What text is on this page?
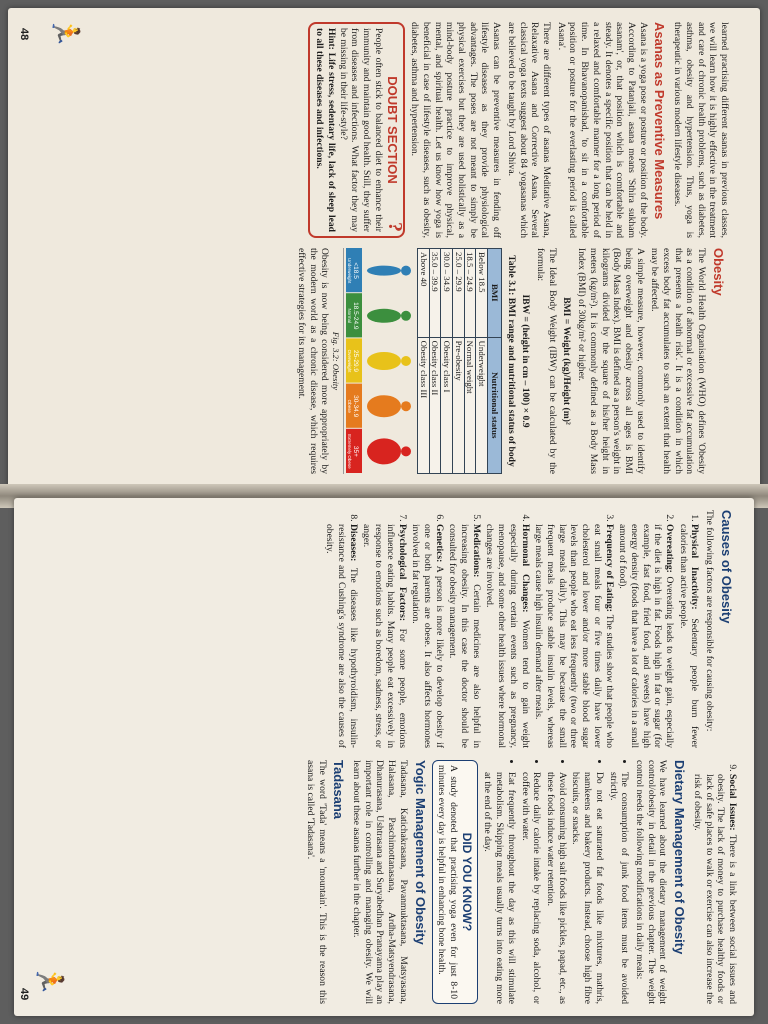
learned practising different asanas in previous classes, we will learn how it is highly effective in the treatment and care of chronic health problems, such as diabetes, asthma, obesity and hypertension. Thus, yoga is therapeutic in various modern lifestyle diseases.

Asanas as Preventive Measures

Asana is a yoga pose or posture or position of the body. According to Patanjali, asana means 'Sthira sukham asanam', or, that position which is comfortable and steady. It denotes a specific position that can be held in a relaxed and comfortable manner for a long period of time. In Bhavanopanishad, 'to sit in a comfortable position or posture for the everlasting period is called Asana'.

There are different types of asanas Meditative Asana, Relaxative Asana and Corrective Asana. Several classical yoga texts suggest about 84 yogasanas which are believed to be taught by Lord Shiva.

Asanas can be preventive measures in fending off lifestyle diseases as they provide physiological advantages. The poses are not meant to simply be physical exercises but they are used holistically as a mind-body posture practice to improve physical, mental, and spiritual health. Let us know how yoga is beneficial in case of lifestyle diseases, such as obesity, diabetes, asthma and hypertension.

?
DOUBT SECTION

People often stick to balanced diet to enhance their immunity and maintain good health. Still, they suffer from diseases and infections. What factor they may be missing in their life-style?

Hint: Life stress, sedentary life, lack of sleep lead to all these diseases and infections.

Obesity

The World Health Organisation (WHO) defines 'Obesity as a condition of abnormal or excessive fat accumulation that presents a health risk'. It is a condition in which excess body fat accumulates to such an extent that health may be affected.

A simple measure, however, commonly used to identify being overweight and obesity across all ages is BMI (Body Mass Index). BMI is defined as a person's weight in kilograms divided by the square of his/her height in meters (kg/m²). It is commonly defined as a Body Mass Index (BMI) of 30kg/m² or higher.

BMI = Weight (kg)/Height (m)²

The Ideal Body Weight (IBW) can be calculated by the formula:

IBW = (height in cm – 100) × 0.9

Table 3.1: BMI range and nutritional status of body

BMI	Nutritional status
Below 18.5	Underweight
18.5 – 24.9	Normal weight
25.0 – 29.9	Pre-obesity
30.0 – 34.9	Obesity class I
35.0 – 39.9	Obesity class II
Above 40	Obesity class III
<18.5
Underweight
18.5-24.9
Normal
25-29.9
Overweight
30-34.9
Obese
35+
Extremely Obese
Fig. 3.2: Obesity

Obesity is now being considered more appropriately by the modern world as a chronic disease, which requires effective strategies for its management.

48 🏃
Causes of Obesity

The following factors are responsible for causing obesity:

1. Physical Inactivity: Sedentary people burn fewer calories than active people.
2. Overeating: Overeating leads to weight gain, especially if the diet is high in fat. Foods high in fat or sugar (for example, fast food, fried food, and sweets) have high energy density (foods that have a lot of calories in a small amount of food).
3. Frequency of Eating: The studies show that people who eat small meals four or five times daily have lower cholesterol and lower and/or more stable blood sugar levels than people who eat less frequently (two or three large meals daily). This may be because the small frequent meals produce stable insulin levels, whereas large meals cause high insulin demand after meals.
4. Hormonal Changes: Women tend to gain weight especially during certain events such as pregnancy, menopause, and some other health issues where hormonal changes are involved.
5. Medications: Certain medicines are also helpful in increasing obesity. In this case the doctor should be consulted for obesity management.
6. Genetics: A person is more likely to develop obesity if one or both parents are obese. It also affects hormones involved in fat regulation.
7. Psychological Factors: For some people, emotions influence eating habits. Many people eat excessively in response to emotions such as boredom, sadness, stress, or anger.
8. Diseases: The diseases like hypothyroidism, insulin-resistance and Cushing's syndrome are also the causes of obesity.
9. Social Issues: There is a link between social issues and obesity. The lack of money to purchase healthy foods or lack of safe places to walk or exercise can also increase the risk of obesity.
Dietary Management of Obesity

We have learned about the dietary management of weight control/obesity in detail in the previous chapter. The weight control needs the following modifications in daily meals:

• The consumption of junk food items must be avoided strictly.
• Do not eat saturated fat foods like mixtures, mathris, namkeens and bakery products. Instead, choose high fibre biscuits, or snacks.
• Avoid consuming high salt foods like pickles, papad, etc., as these foods induce water retention.
• Reduce daily calorie intake by replacing soda, alcohol, or coffee with water.
• Eat frequently throughout the day as this will stimulate metabolism. Skipping meals usually turns into eating more at the end of the day.
DID YOU KNOW?

A study denoted that practising yoga even for just 8-10 minutes every day is helpful in enhancing bone health.

Yogic Management of Obesity

Tadasana, Katichakrasana, Pavanmuktasana, Matsyasana, Halasana, Paschimottanasana, Ardha-Matsyendrasana, Dhanurasana, Ushtrasana and Suryabedhan Pranayama play an important role in controlling and managing obesity. We will learn about these asanas further in the chapter.

Tadasana

The word 'Tada' means a 'mountain'. This is the reason this asana is called 'Tadasana'.

49 🏃
